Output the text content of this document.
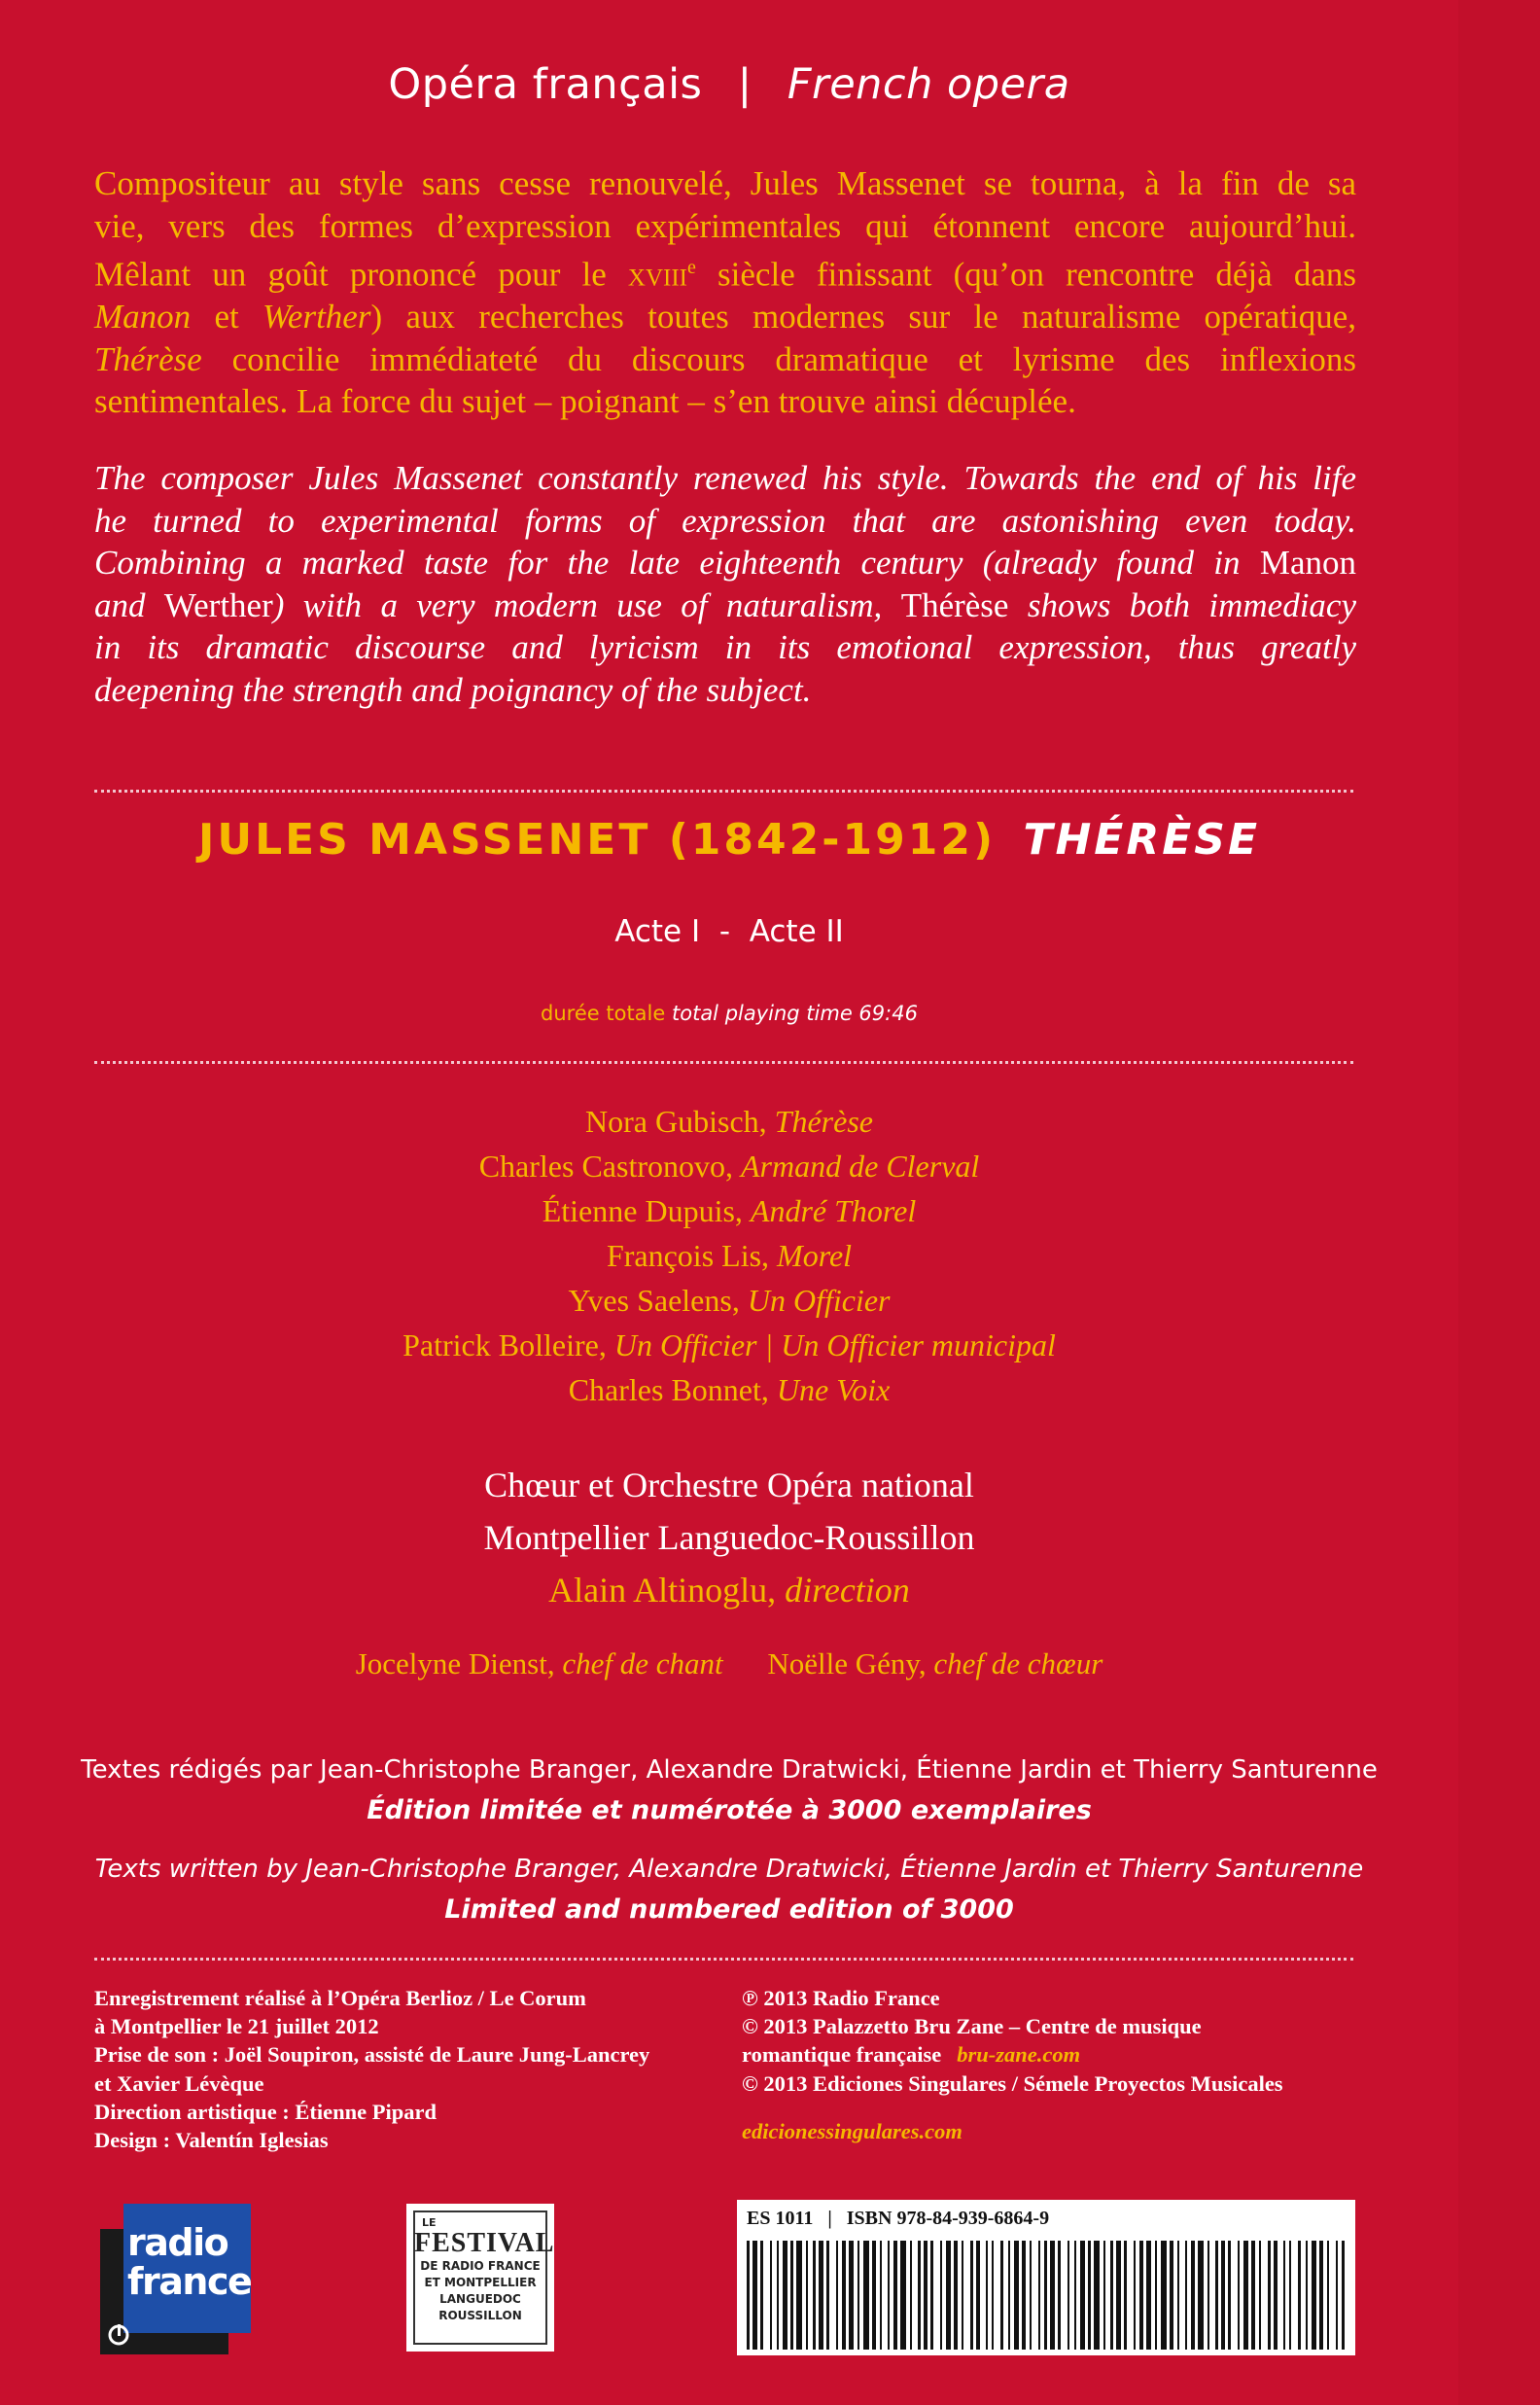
Opéra français | French opera
Compositeur au style sans cesse renouvelé, Jules Massenet se tourna, à la fin de sa
vie, vers des formes d’expression expérimentales qui étonnent encore aujourd’hui.
Mêlant un goût prononcé pour le xviii$^e$ siècle finissant (qu’on rencontre déjà dans
Manon et Werther) aux recherches toutes modernes sur le naturalisme opératique,
Thérèse concilie immédiateté du discours dramatique et lyrisme des inflexions
sentimentales. La force du sujet – poignant – s’en trouve ainsi décuplée.
The composer Jules Massenet constantly renewed his style. Towards the end of his life
he turned to experimental forms of expression that are astonishing even today.
Combining a marked taste for the late eighteenth century (already found in Manon
and Werther) with a very modern use of naturalism, Thérèse shows both immediacy
in its dramatic discourse and lyricism in its emotional expression, thus greatly
deepening the strength and poignancy of the subject.
JULES MASSENET (1842-1912) THÉRÈSE
Acte I  -  Acte II
durée totale total playing time 69:46
Nora Gubisch, Thérèse
Charles Castronovo, Armand de Clerval
Étienne Dupuis, André Thorel
François Lis, Morel
Yves Saelens, Un Officier
Patrick Bolleire, Un Officier | Un Officier municipal
Charles Bonnet, Une Voix
Chœur et Orchestre Opéra national
Montpellier Languedoc-Roussillon
Alain Altinoglu, direction
Jocelyne Dienst, chef de chant Noëlle Gény, chef de chœur
Textes rédigés par Jean-Christophe Branger, Alexandre Dratwicki, Étienne Jardin et Thierry Santurenne
Édition limitée et numérotée à 3000 exemplaires
Texts written by Jean-Christophe Branger, Alexandre Dratwicki, Étienne Jardin et Thierry Santurenne
Limited and numbered edition of 3000
Enregistrement réalisé à l’Opéra Berlioz / Le Corum
à Montpellier le 21 juillet 2012
Prise de son : Joël Soupiron, assisté de Laure Jung-Lancrey
et Xavier Lévèque
Direction artistique : Étienne Pipard
Design : Valentín Iglesias
℗ 2013 Radio France
© 2013 Palazzetto Bru Zane – Centre de musique
romantique française bru-zane.com
© 2013 Ediciones Singulares / Sémele Proyectos Musicales
edicionessingulares.com
radio
france
LE
FESTIVAL
DE RADIO FRANCE
ET MONTPELLIER
LANGUEDOC
ROUSSILLON
ES 1011 | ISBN 978-84-939-6864-9
